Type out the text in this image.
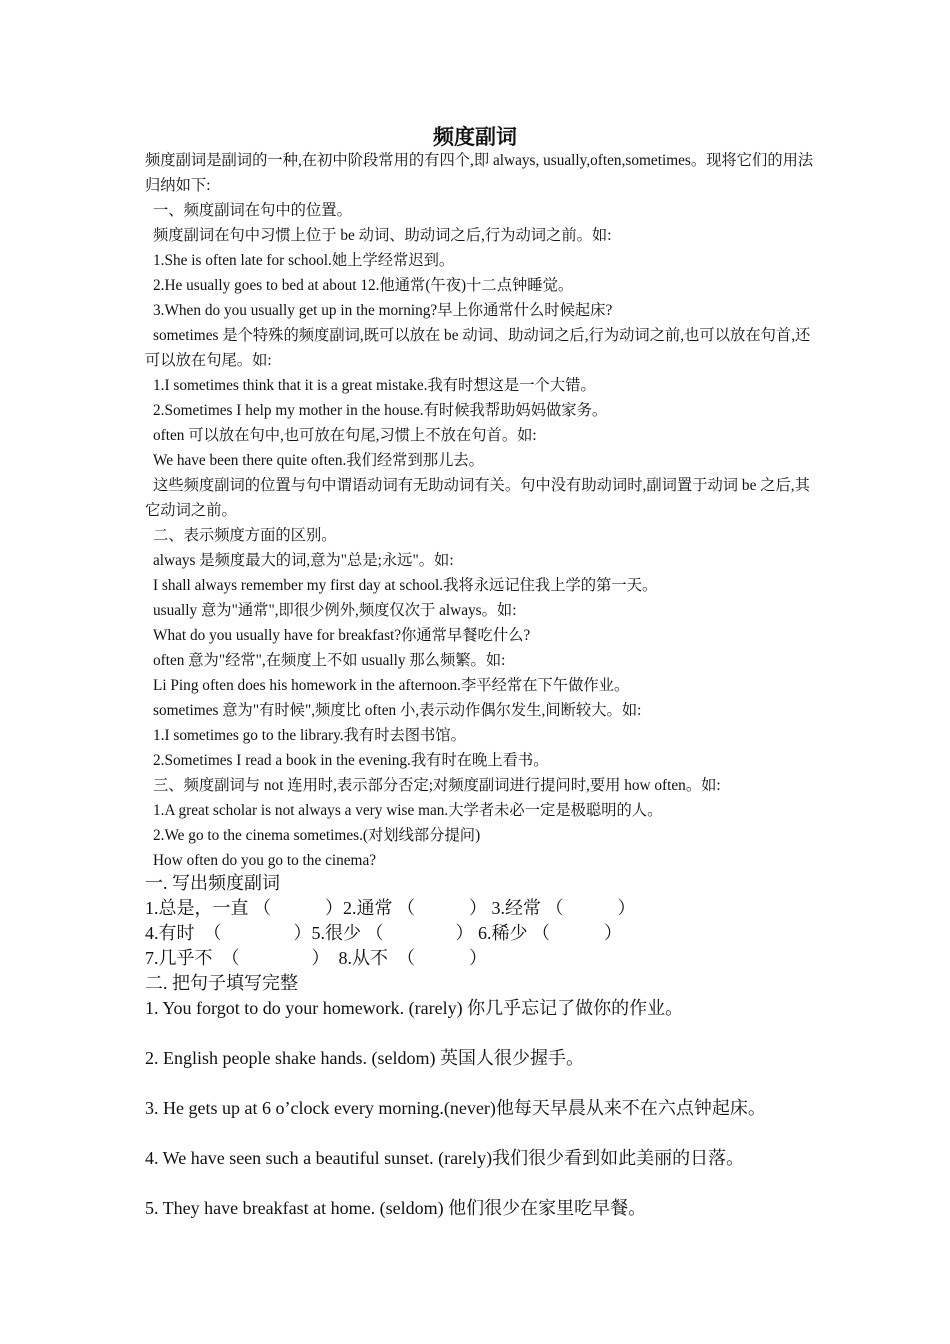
频度副词
频度副词是副词的一种,在初中阶段常用的有四个,即 always, usually,often,sometimes。现将它们的用法归纳如下:
一、频度副词在句中的位置。
频度副词在句中习惯上位于 be 动词、助动词之后,行为动词之前。如:
1.She is often late for school.她上学经常迟到。
2.He usually goes to bed at about 12.他通常(午夜)十二点钟睡觉。
3.When do you usually get up in the morning?早上你通常什么时候起床?
sometimes 是个特殊的频度副词,既可以放在 be 动词、助动词之后,行为动词之前,也可以放在句首,还可以放在句尾。如:
1.I sometimes think that it is a great mistake.我有时想这是一个大错。
2.Sometimes I help my mother in the house.有时候我帮助妈妈做家务。
often 可以放在句中,也可放在句尾,习惯上不放在句首。如:
We have been there quite often.我们经常到那儿去。
这些频度副词的位置与句中谓语动词有无助动词有关。句中没有助动词时,副词置于动词 be 之后,其它动词之前。
二、表示频度方面的区别。
always 是频度最大的词,意为"总是;永远"。如:
I shall always remember my first day at school.我将永远记住我上学的第一天。
usually 意为"通常",即很少例外,频度仅次于 always。如:
What do you usually have for breakfast?你通常早餐吃什么?
often 意为"经常",在频度上不如 usually 那么频繁。如:
Li Ping often does his homework in the afternoon.李平经常在下午做作业。
sometimes 意为"有时候",频度比 often 小,表示动作偶尔发生,间断较大。如:
1.I sometimes go to the library.我有时去图书馆。
2.Sometimes I read a book in the evening.我有时在晚上看书。
三、频度副词与 not 连用时,表示部分否定;对频度副词进行提问时,要用 how often。如:
1.A great scholar is not always a very wise man.大学者未必一定是极聪明的人。
2.We go to the cinema sometimes.(对划线部分提问)
How often do you go to the cinema?
一. 写出频度副词
1.总是，一直 （　　　）2.通常 （　　　） 3.经常 （　　　）
4.有时　（　　　　）5.很少 （　　　　） 6.稀少 （　　　）
7.几乎不　（　　　　）　8.从不　（　　　）
二. 把句子填写完整
1. You forgot to do your homework. (rarely) 你几乎忘记了做你的作业。
2. English people shake hands. (seldom) 英国人很少握手。
3. He gets up at 6 o’clock every morning.(never)他每天早晨从来不在六点钟起床。
4. We have seen such a beautiful sunset. (rarely)我们很少看到如此美丽的日落。
5. They have breakfast at home. (seldom) 他们很少在家里吃早餐。
